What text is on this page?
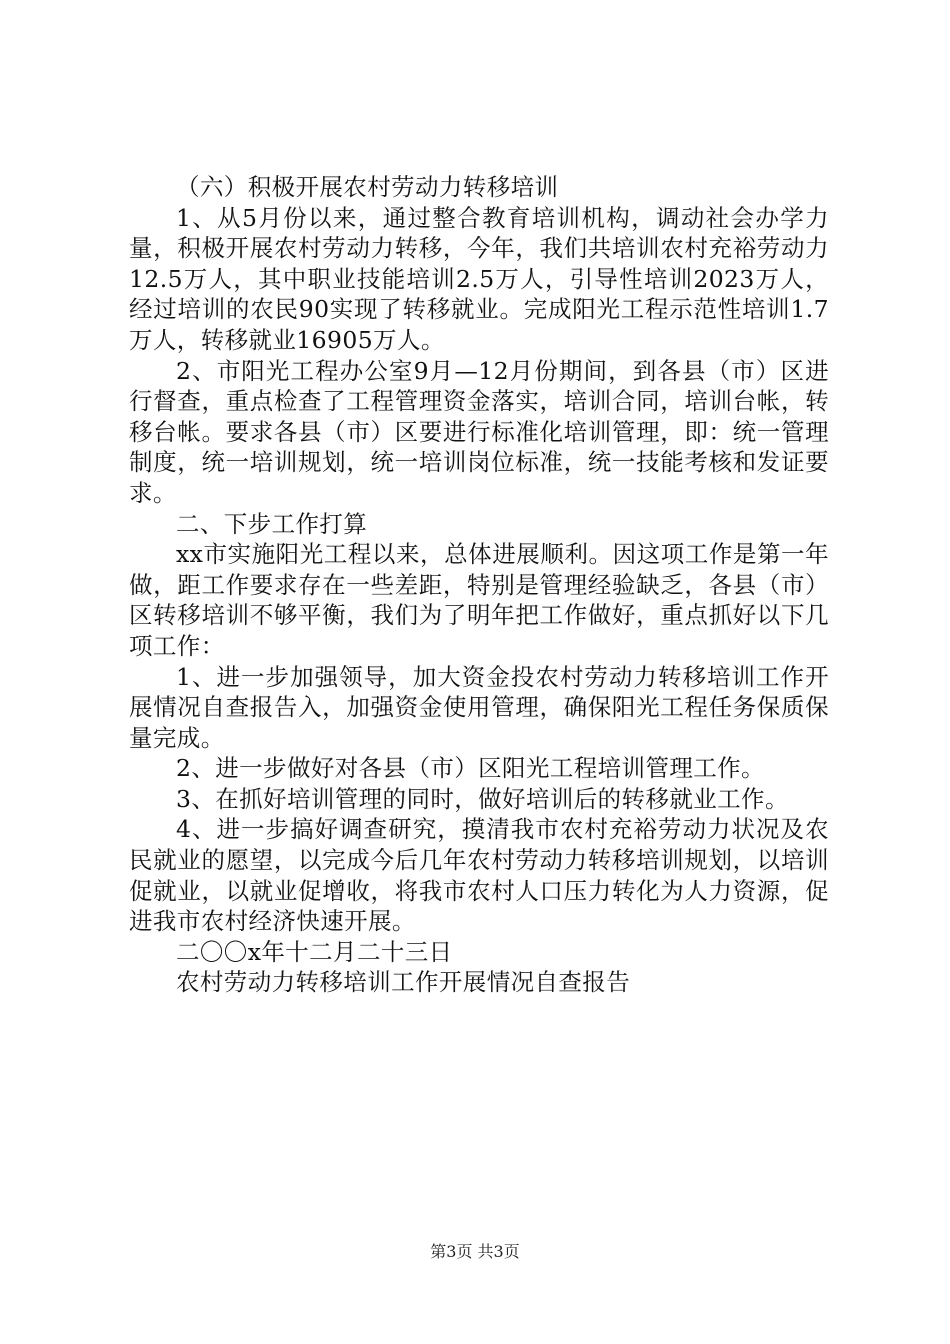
（六）积极开展农村劳动力转移培训

1、从5月份以来，通过整合教育培训机构，调动社会办学力量，积极开展农村劳动力转移，今年，我们共培训农村充裕劳动力12.5万人，其中职业技能培训2.5万人，引导性培训2023万人，经过培训的农民90实现了转移就业。完成阳光工程示范性培训1.7万人，转移就业16905万人。

2、市阳光工程办公室9月—12月份期间，到各县（市）区进行督查，重点检查了工程管理资金落实，培训合同，培训台帐，转移台帐。要求各县（市）区要进行标准化培训管理，即：统一管理制度，统一培训规划，统一培训岗位标准，统一技能考核和发证要求。

二、下步工作打算

xx市实施阳光工程以来，总体进展顺利。因这项工作是第一年做，距工作要求存在一些差距，特别是管理经验缺乏，各县（市）区转移培训不够平衡，我们为了明年把工作做好，重点抓好以下几项工作：

1、进一步加强领导，加大资金投农村劳动力转移培训工作开展情况自查报告入，加强资金使用管理，确保阳光工程任务保质保量完成。

2、进一步做好对各县（市）区阳光工程培训管理工作。

3、在抓好培训管理的同时，做好培训后的转移就业工作。

4、进一步搞好调查研究，摸清我市农村充裕劳动力状况及农民就业的愿望，以完成今后几年农村劳动力转移培训规划，以培训促就业，以就业促增收，将我市农村人口压力转化为人力资源，促进我市农村经济快速开展。

二〇〇x年十二月二十三日

农村劳动力转移培训工作开展情况自查报告

第3页 共3页
